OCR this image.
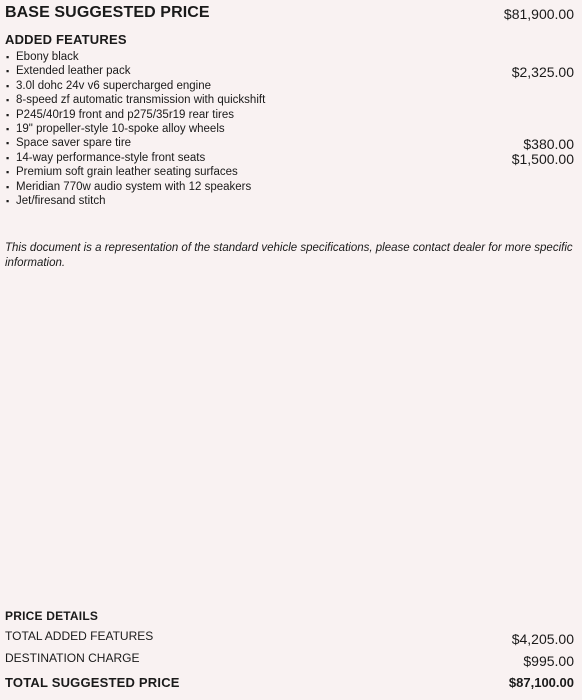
BASE SUGGESTED PRICE	$81,900.00
ADDED FEATURES
▪ Ebony black
▪ Extended leather pack	$2,325.00
▪ 3.0l dohc 24v v6 supercharged engine
▪ 8-speed zf automatic transmission with quickshift
▪ P245/40r19 front and p275/35r19 rear tires
▪ 19" propeller-style 10-spoke alloy wheels
▪ Space saver spare tire	$380.00
▪ 14-way performance-style front seats	$1,500.00
▪ Premium soft grain leather seating surfaces
▪ Meridian 770w audio system with 12 speakers
▪ Jet/firesand stitch
This document is a representation of the standard vehicle specifications, please contact dealer for more specific information.
PRICE DETAILS
TOTAL ADDED FEATURES	$4,205.00
DESTINATION CHARGE	$995.00
TOTAL SUGGESTED PRICE	$87,100.00
